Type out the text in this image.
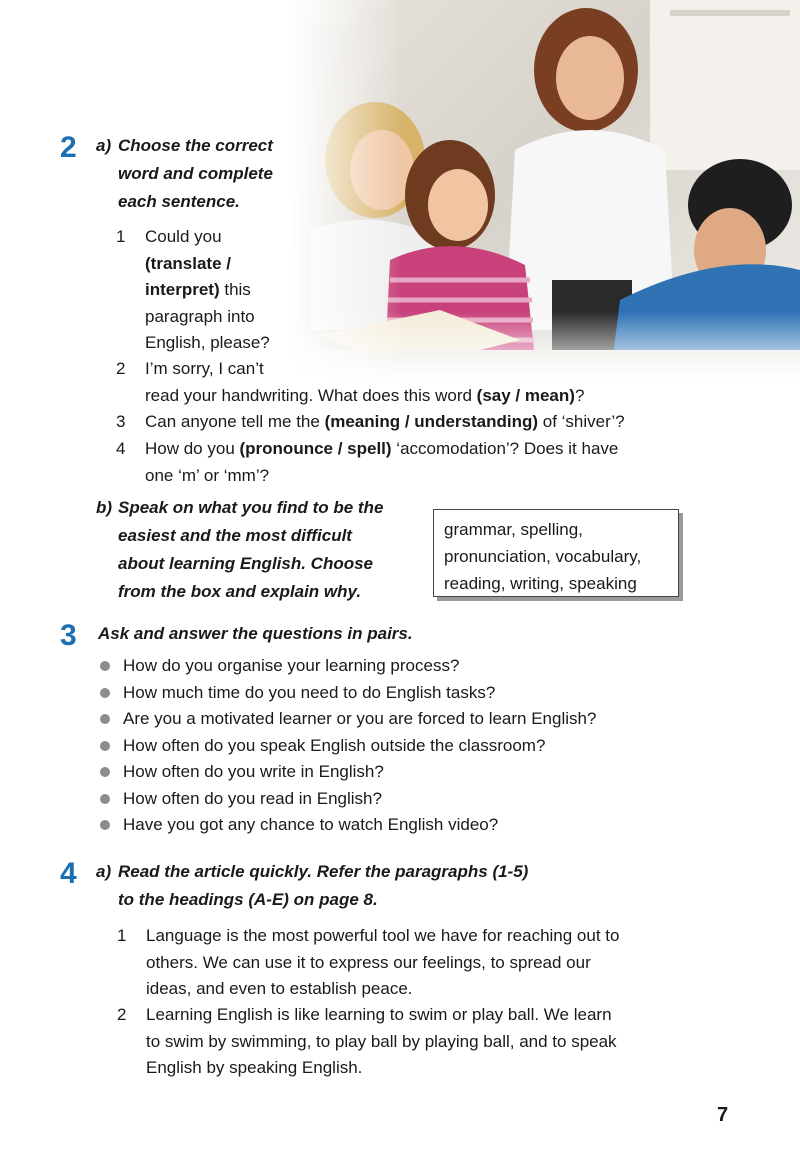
2 a) Choose the correct
word and complete
each sentence.
1 Could you
(translate /
interpret) this
paragraph into
English, please?
2 I’m sorry, I can’t
read your handwriting. What does this word (say / mean)?
3 Can anyone tell me the (meaning / understanding) of ‘shiver’?
4 How do you (pronounce / spell) ‘accomodation’? Does it have
one ‘m’ or ‘mm’?
b) Speak on what you find to be the
easiest and the most difficult
about learning English. Choose
from the box and explain why.
grammar, spelling,
pronunciation, vocabulary,
reading, writing, speaking
3 Ask and answer the questions in pairs.
How do you organise your learning process?
How much time do you need to do English tasks?
Are you a motivated learner or you are forced to learn English?
How often do you speak English outside the classroom?
How often do you write in English?
How often do you read in English?
Have you got any chance to watch English video?
4 a) Read the article quickly. Refer the paragraphs (1-5)
to the headings (A-E) on page 8.
1 Language is the most powerful tool we have for reaching out to
others. We can use it to express our feelings, to spread our
ideas, and even to establish peace.
2 Learning English is like learning to swim or play ball. We learn
to swim by swimming, to play ball by playing ball, and to speak
English by speaking English.
7
